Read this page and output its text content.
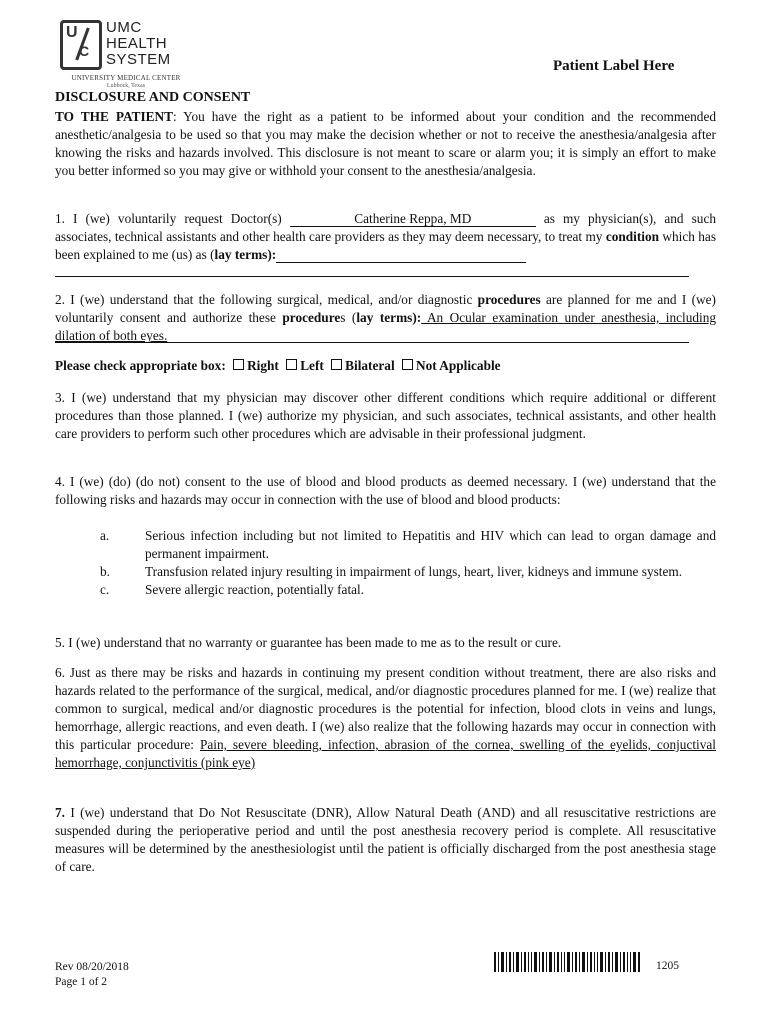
U
C
UMC
HEALTH
SYSTEM
UNIVERSITY MEDICAL CENTER
Lubbock, Texas
Patient Label Here
DISCLOSURE AND CONSENT
TO THE PATIENT: You have the right as a patient to be informed about your condition and the recommended anesthetic/analgesia to be used so that you may make the decision whether or not to receive the anesthesia/analgesia after knowing the risks and hazards involved. This disclosure is not meant to scare or alarm you; it is simply an effort to make you better informed so you may give or withhold your consent to the anesthesia/analgesia.
1. I (we) voluntarily request Doctor(s)	Catherine Reppa, MD	as my physician(s), and such associates, technical assistants and other health care providers as they may deem necessary, to treat my condition which has been explained to me (us) as (lay terms):
2. I (we) understand that the following surgical, medical, and/or diagnostic procedures are planned for me and I (we) voluntarily consent and authorize these procedures (lay terms): An Ocular examination under anesthesia, including dilation of both eyes.
Please check appropriate box: Right Left Bilateral Not Applicable
3. I (we) understand that my physician may discover other different conditions which require additional or different procedures than those planned. I (we) authorize my physician, and such associates, technical assistants, and other health care providers to perform such other procedures which are advisable in their professional judgment.
4. I (we) (do) (do not) consent to the use of blood and blood products as deemed necessary. I (we) understand that the following risks and hazards may occur in connection with the use of blood and blood products:
a.	Serious infection including but not limited to Hepatitis and HIV which can lead to organ damage and permanent impairment.
b.	Transfusion related injury resulting in impairment of lungs, heart, liver, kidneys and immune system.
c.	Severe allergic reaction, potentially fatal.
5. I (we) understand that no warranty or guarantee has been made to me as to the result or cure.
6. Just as there may be risks and hazards in continuing my present condition without treatment, there are also risks and hazards related to the performance of the surgical, medical, and/or diagnostic procedures planned for me. I (we) realize that common to surgical, medical and/or diagnostic procedures is the potential for infection, blood clots in veins and lungs, hemorrhage, allergic reactions, and even death. I (we) also realize that the following hazards may occur in connection with this particular procedure: Pain, severe bleeding, infection, abrasion of the cornea, swelling of the eyelids, conjuctival hemorrhage, conjunctivitis (pink eye)
7. I (we) understand that Do Not Resuscitate (DNR), Allow Natural Death (AND) and all resuscitative restrictions are suspended during the perioperative period and until the post anesthesia recovery period is complete. All resuscitative measures will be determined by the anesthesiologist until the patient is officially discharged from the post anesthesia stage of care.
Rev 08/20/2018
Page 1 of 2
1205
